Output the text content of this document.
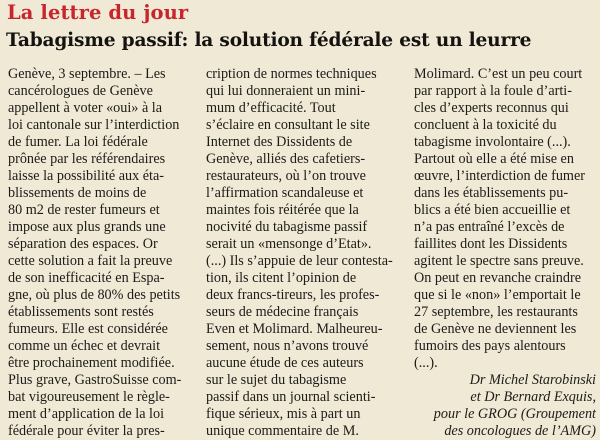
La lettre du jour
Tabagisme passif: la solution fédérale est un leurre
Genève, 3 septembre. – Les
cancérologues de Genève
appellent à voter «oui» à la
loi cantonale sur l’interdiction
de fumer. La loi fédérale
prônée par les référendaires
laisse la possibilité aux éta-
blissements de moins de
80 m2 de rester fumeurs et
impose aux plus grands une
séparation des espaces. Or
cette solution a fait la preuve
de son inefficacité en Espa-
gne, où plus de 80% des petits
établissements sont restés
fumeurs. Elle est considérée
comme un échec et devrait
être prochainement modifiée.
Plus grave, GastroSuisse com-
bat vigoureusement le règle-
ment d’application de la loi
fédérale pour éviter la pres-
cription de normes techniques
qui lui donneraient un mini-
mum d’efficacité. Tout
s’éclaire en consultant le site
Internet des Dissidents de
Genève, alliés des cafetiers-
restaurateurs, où l’on trouve
l’affirmation scandaleuse et
maintes fois réitérée que la
nocivité du tabagisme passif
serait un «mensonge d’Etat».
(...) Ils s’appuie de leur contesta-
tion, ils citent l’opinion de
deux francs-tireurs, les profes-
seurs de médecine français
Even et Molimard. Malheureu-
sement, nous n’avons trouvé
aucune étude de ces auteurs
sur le sujet du tabagisme
passif dans un journal scienti-
fique sérieux, mis à part un
unique commentaire de M.
Molimard. C’est un peu court
par rapport à la foule d’arti-
cles d’experts reconnus qui
concluent à la toxicité du
tabagisme involontaire (...).
Partout où elle a été mise en
œuvre, l’interdiction de fumer
dans les établissements pu-
blics a été bien accueillie et
n’a pas entraîné l’excès de
faillites dont les Dissidents
agitent le spectre sans preuve.
On peut en revanche craindre
que si le «non» l’emportait le
27 septembre, les restaurants
de Genève ne deviennent les
fumoirs des pays alentours
(...).
Dr Michel Starobinski
et Dr Bernard Exquis,
pour le GROG (Groupement
des oncologues de l’AMG)
